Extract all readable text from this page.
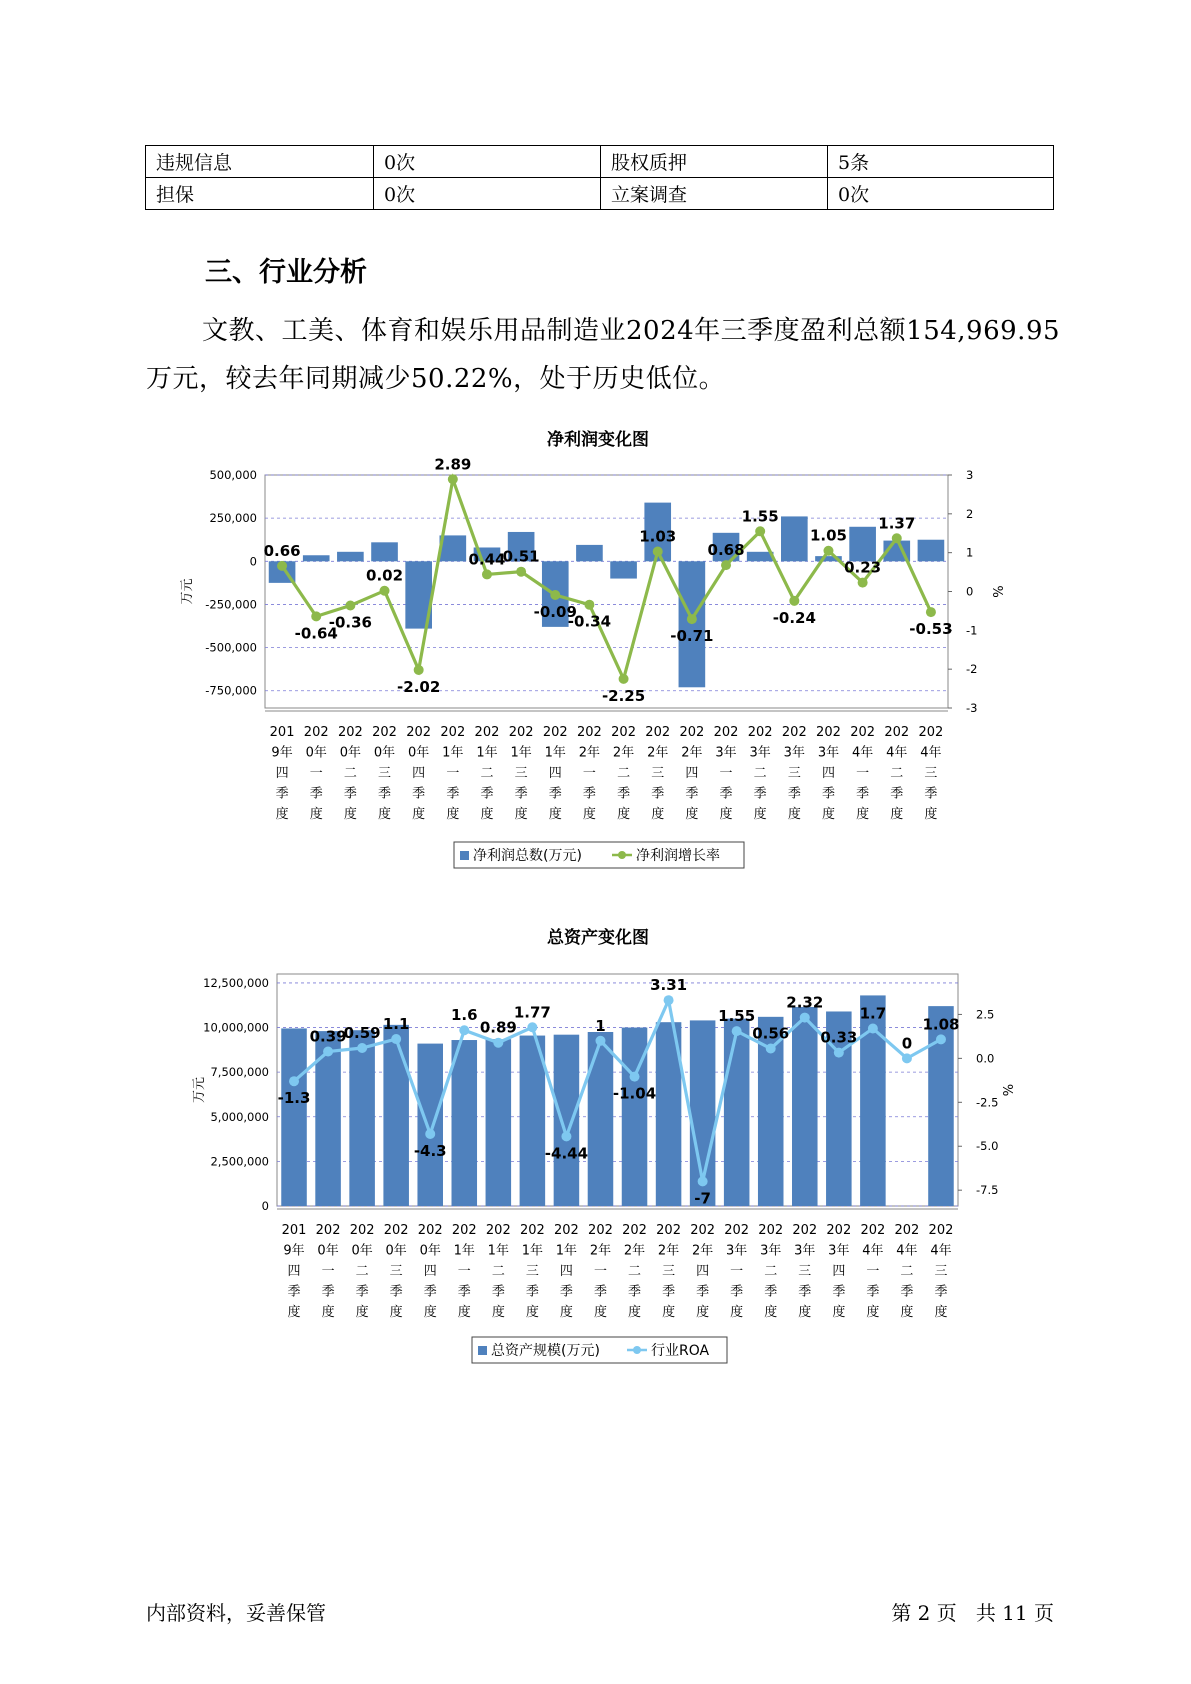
违规信息	0次	股权质押	5条
担保	0次	立案调查	0次
三、行业分析

文教、工美、体育和娱乐用品制造业2024年三季度盈利总额154,969.95万元，较去年同期减少50.22%，处于历史低位。

净利润变化图
500,000
250,000
0
-250,000
-500,000
-750,000
3
2
1
0
-1
-2
-3
万元	%
0.66
-0.64
-0.36
0.02
-2.02
2.89
0.44
0.51
-0.09
-0.34
-2.25
1.03
-0.71
0.68
1.55
-0.24
1.05
0.23
1.37
-0.53
201 9年四季度
202 0年一季度
202 0年二季度
202 0年三季度
202 0年四季度
202 1年一季度
202 1年二季度
202 1年三季度
202 1年四季度
202 2年一季度
202 2年二季度
202 2年三季度
202 2年四季度
202 3年一季度
202 3年二季度
202 3年三季度
202 3年四季度
202 4年一季度
202 4年二季度
202 4年三季度
净利润总数(万元)	净利润增长率
总资产变化图
12,500,000
10,000,000
7,500,000
5,000,000
2,500,000
0
2.5
0.0
-2.5
-5.0
-7.5
万元	%
-1.3
0.39
0.59 1.1
-4.3
1.6
0.89
1.77
-4.44
1
-1.04
3.31
-7
1.55
0.56
2.32
0.33
1.7
0
1.08
201 9年四季度
202 0年一季度
202 0年二季度
202 0年三季度
202 0年四季度
202 1年一季度
202 1年二季度
202 1年三季度
202 1年四季度
202 2年一季度
202 2年二季度
202 2年三季度
202 2年四季度
202 3年一季度
202 3年二季度
202 3年三季度
202 3年四季度
202 4年一季度
202 4年二季度
202 4年三季度
总资产规模(万元)	行业ROA
内部资料，妥善保管	第 2 页   共 11 页
